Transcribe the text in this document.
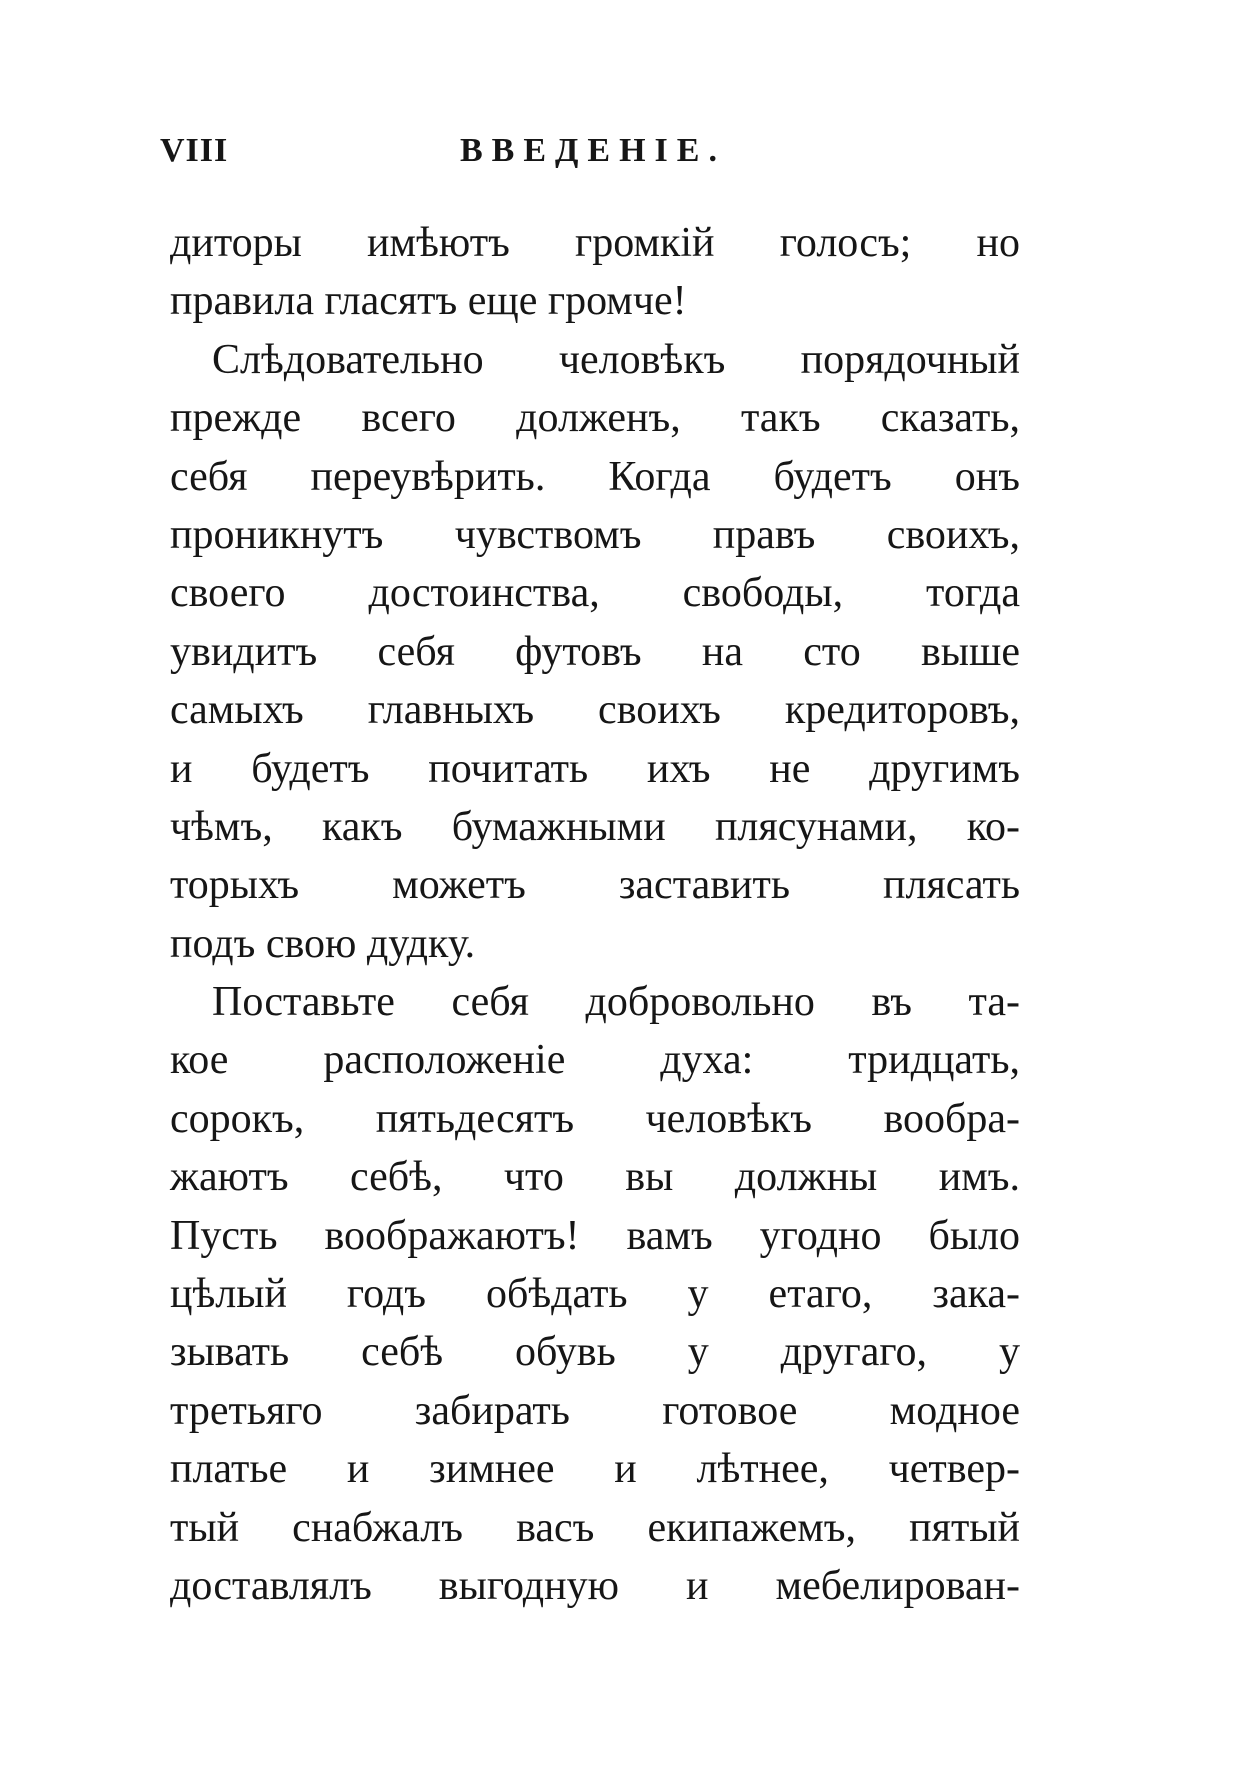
VIII	ВВЕДЕНIЕ.
диторы имѣютъ громкій голосъ; но
правила гласятъ еще громче!
Слѣдовательно человѣкъ порядочный
прежде всего долженъ, такъ сказать,
себя переувѣрить. Когда будетъ онъ
проникнутъ чувствомъ правъ своихъ,
своего достоинства, свободы, тогда
увидитъ себя футовъ на сто выше
самыхъ главныхъ своихъ кредиторовъ,
и будетъ почитать ихъ не другимъ
чѣмъ, какъ бумажными плясунами, ко-
торыхъ можетъ заставить плясать
подъ свою дудку.
Поставьте себя добровольно въ та-
кое расположеніе духа: тридцать,
сорокъ, пятьдесятъ человѣкъ вообра-
жаютъ себѣ, что вы должны имъ.
Пусть воображаютъ! вамъ угодно было
цѣлый годъ обѣдать у етаго, зака-
зывать себѣ обувь у другаго, у
третьяго забирать готовое модное
платье и зимнее и лѣтнее, четвер-
тый снабжалъ васъ екипажемъ, пятый
доставлялъ выгодную и мебелирован-
